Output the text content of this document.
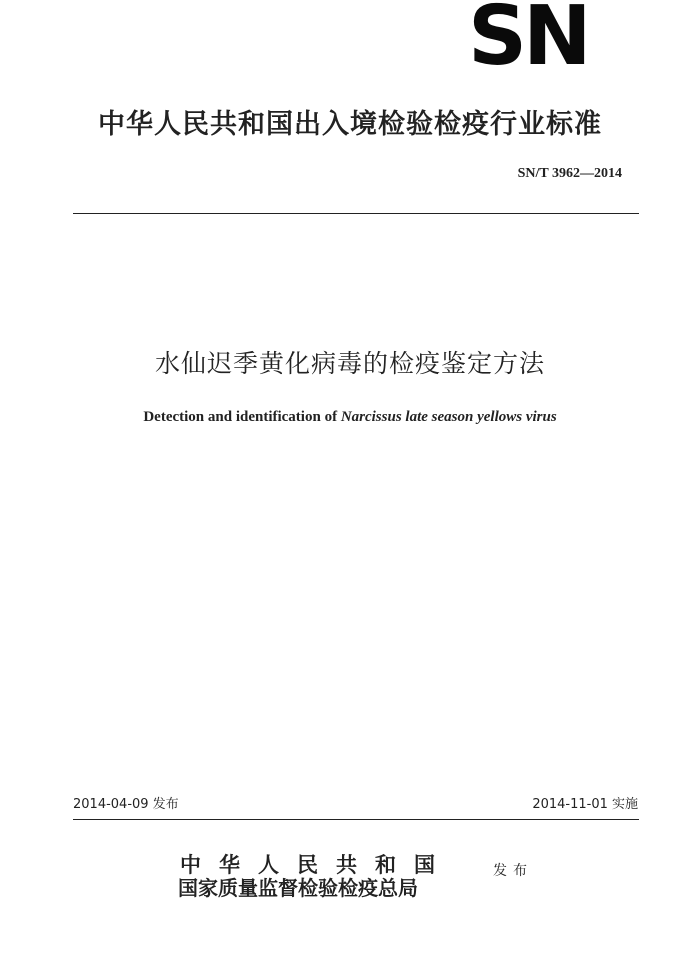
SN
中华人民共和国出入境检验检疫行业标准
SN/T 3962—2014
水仙迟季黄化病毒的检疫鉴定方法
Detection and identification of Narcissus late season yellows virus
2014-04-09 发布	2014-11-01 实施
中华人民共和国
国家质量监督检验检疫总局
发布
